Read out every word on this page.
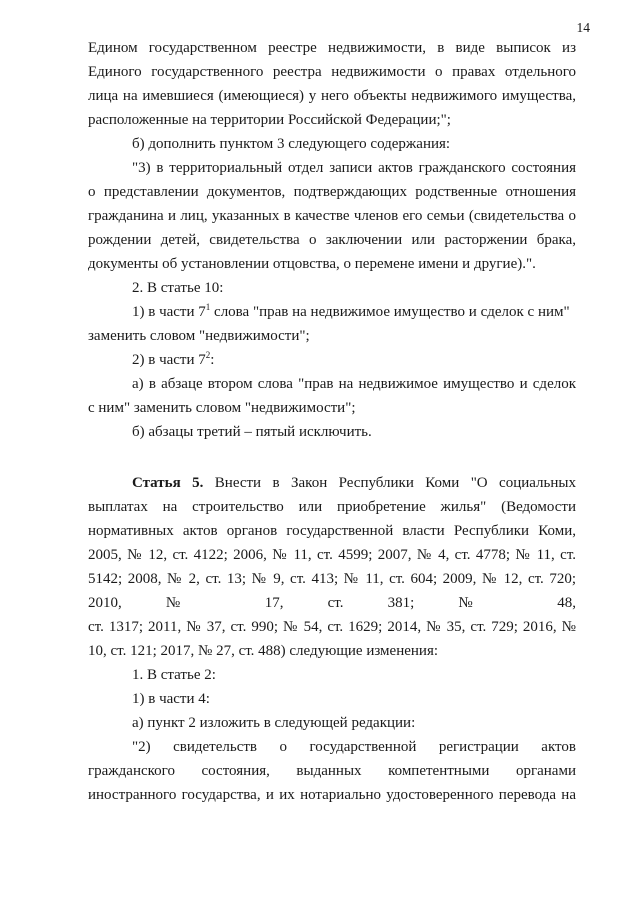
14
Едином государственном реестре недвижимости, в виде выписок из
Единого государственного реестра недвижимости о правах отдельного
лица на имевшиеся (имеющиеся) у него объекты недвижимого имущества,
расположенные на территории Российской Федерации;";
б) дополнить пунктом 3 следующего содержания:
"3) в территориальный отдел записи актов гражданского состояния
о представлении документов, подтверждающих родственные отношения
гражданина и лиц, указанных в качестве членов его семьи (свидетельства о
рождении детей, свидетельства о заключении или расторжении брака,
документы об установлении отцовства, о перемене имени и другие).".
2. В статье 10:
1) в части $7^1$ слова "прав на недвижимое имущество и сделок с ним"
заменить словом "недвижимости";
2) в части $7^2$:
а) в абзаце втором слова "прав на недвижимое имущество и сделок
с ним" заменить словом "недвижимости";
б) абзацы третий – пятый исключить.
Статья 5. Внести в Закон Республики Коми "О социальных
выплатах на строительство или приобретение жилья" (Ведомости
нормативных актов органов государственной власти Республики Коми,
2005, № 12, ст. 4122; 2006, № 11, ст. 4599; 2007, № 4, ст. 4778; № 11, ст.
5142; 2008, № 2, ст. 13; № 9, ст. 413; № 11, ст. 604; 2009, № 12, ст. 720;
2010, № 17, ст. 381; № 48,
ст. 1317; 2011, № 37, ст. 990; № 54, ст. 1629; 2014, № 35, ст. 729; 2016, №
10, ст. 121; 2017, № 27, ст. 488) следующие изменения:
1. В статье 2:
1) в части 4:
а) пункт 2 изложить в следующей редакции:
"2) свидетельств о государственной регистрации актов
гражданского состояния, выданных компетентными органами
иностранного государства, и их нотариально удостоверенного перевода на
